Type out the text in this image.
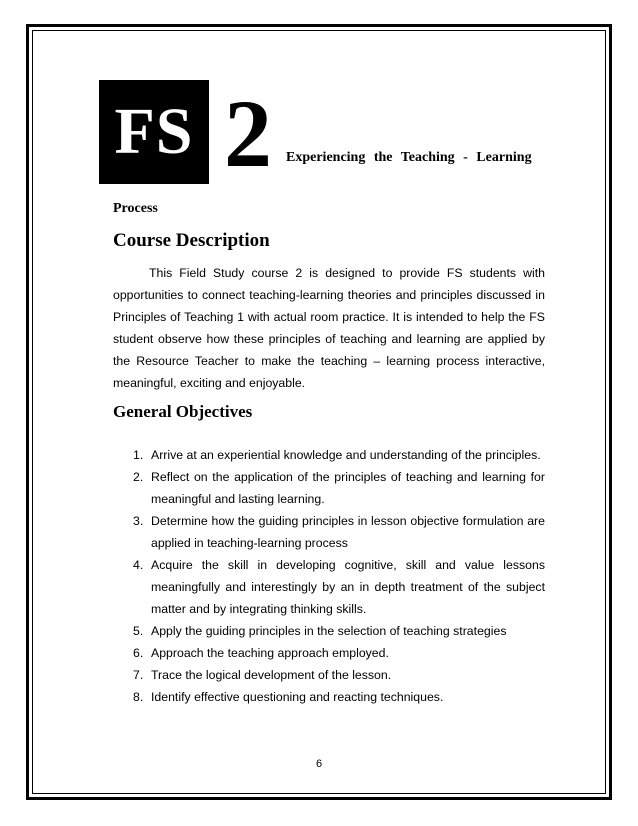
FS 2 Experiencing the Teaching - Learning
Process
Course Description

This Field Study course 2 is designed to provide FS students with opportunities to connect teaching-learning theories and principles discussed in Principles of Teaching 1 with actual room practice. It is intended to help the FS student observe how these principles of teaching and learning are applied by the Resource Teacher to make the teaching – learning process interactive, meaningful, exciting and enjoyable.

General Objectives
1. Arrive at an experiential knowledge and understanding of the principles.
2. Reflect on the application of the principles of teaching and learning for meaningful and lasting learning.
3. Determine how the guiding principles in lesson objective formulation are applied in teaching-learning process
4. Acquire the skill in developing cognitive, skill and value lessons meaningfully and interestingly by an in depth treatment of the subject matter and by integrating thinking skills.
5. Apply the guiding principles in the selection of teaching strategies
6. Approach the teaching approach employed.
7. Trace the logical development of the lesson.
8. Identify effective questioning and reacting techniques.
6
